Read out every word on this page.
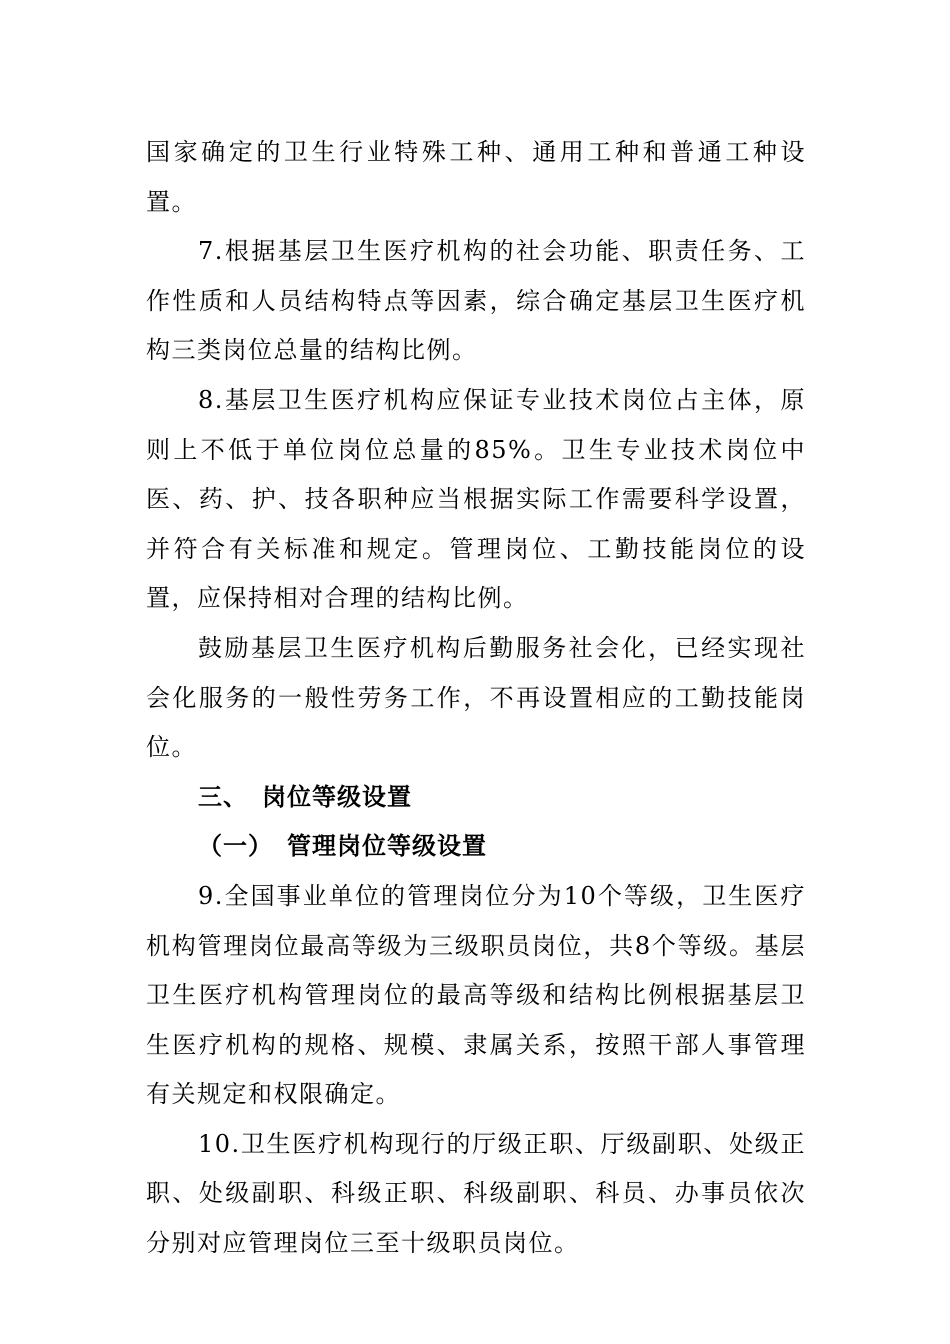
国家确定的卫生行业特殊工种、通用工种和普通工种设置。

7.根据基层卫生医疗机构的社会功能、职责任务、工作性质和人员结构特点等因素，综合确定基层卫生医疗机构三类岗位总量的结构比例。

8.基层卫生医疗机构应保证专业技术岗位占主体，原则上不低于单位岗位总量的85%。卫生专业技术岗位中医、药、护、技各职种应当根据实际工作需要科学设置，并符合有关标准和规定。管理岗位、工勤技能岗位的设置，应保持相对合理的结构比例。

鼓励基层卫生医疗机构后勤服务社会化，已经实现社会化服务的一般性劳务工作，不再设置相应的工勤技能岗位。

三、 岗位等级设置

（一） 管理岗位等级设置

9.全国事业单位的管理岗位分为10个等级，卫生医疗机构管理岗位最高等级为三级职员岗位，共8个等级。基层卫生医疗机构管理岗位的最高等级和结构比例根据基层卫生医疗机构的规格、规模、隶属关系，按照干部人事管理有关规定和权限确定。

10.卫生医疗机构现行的厅级正职、厅级副职、处级正职、处级副职、科级正职、科级副职、科员、办事员依次分别对应管理岗位三至十级职员岗位。
